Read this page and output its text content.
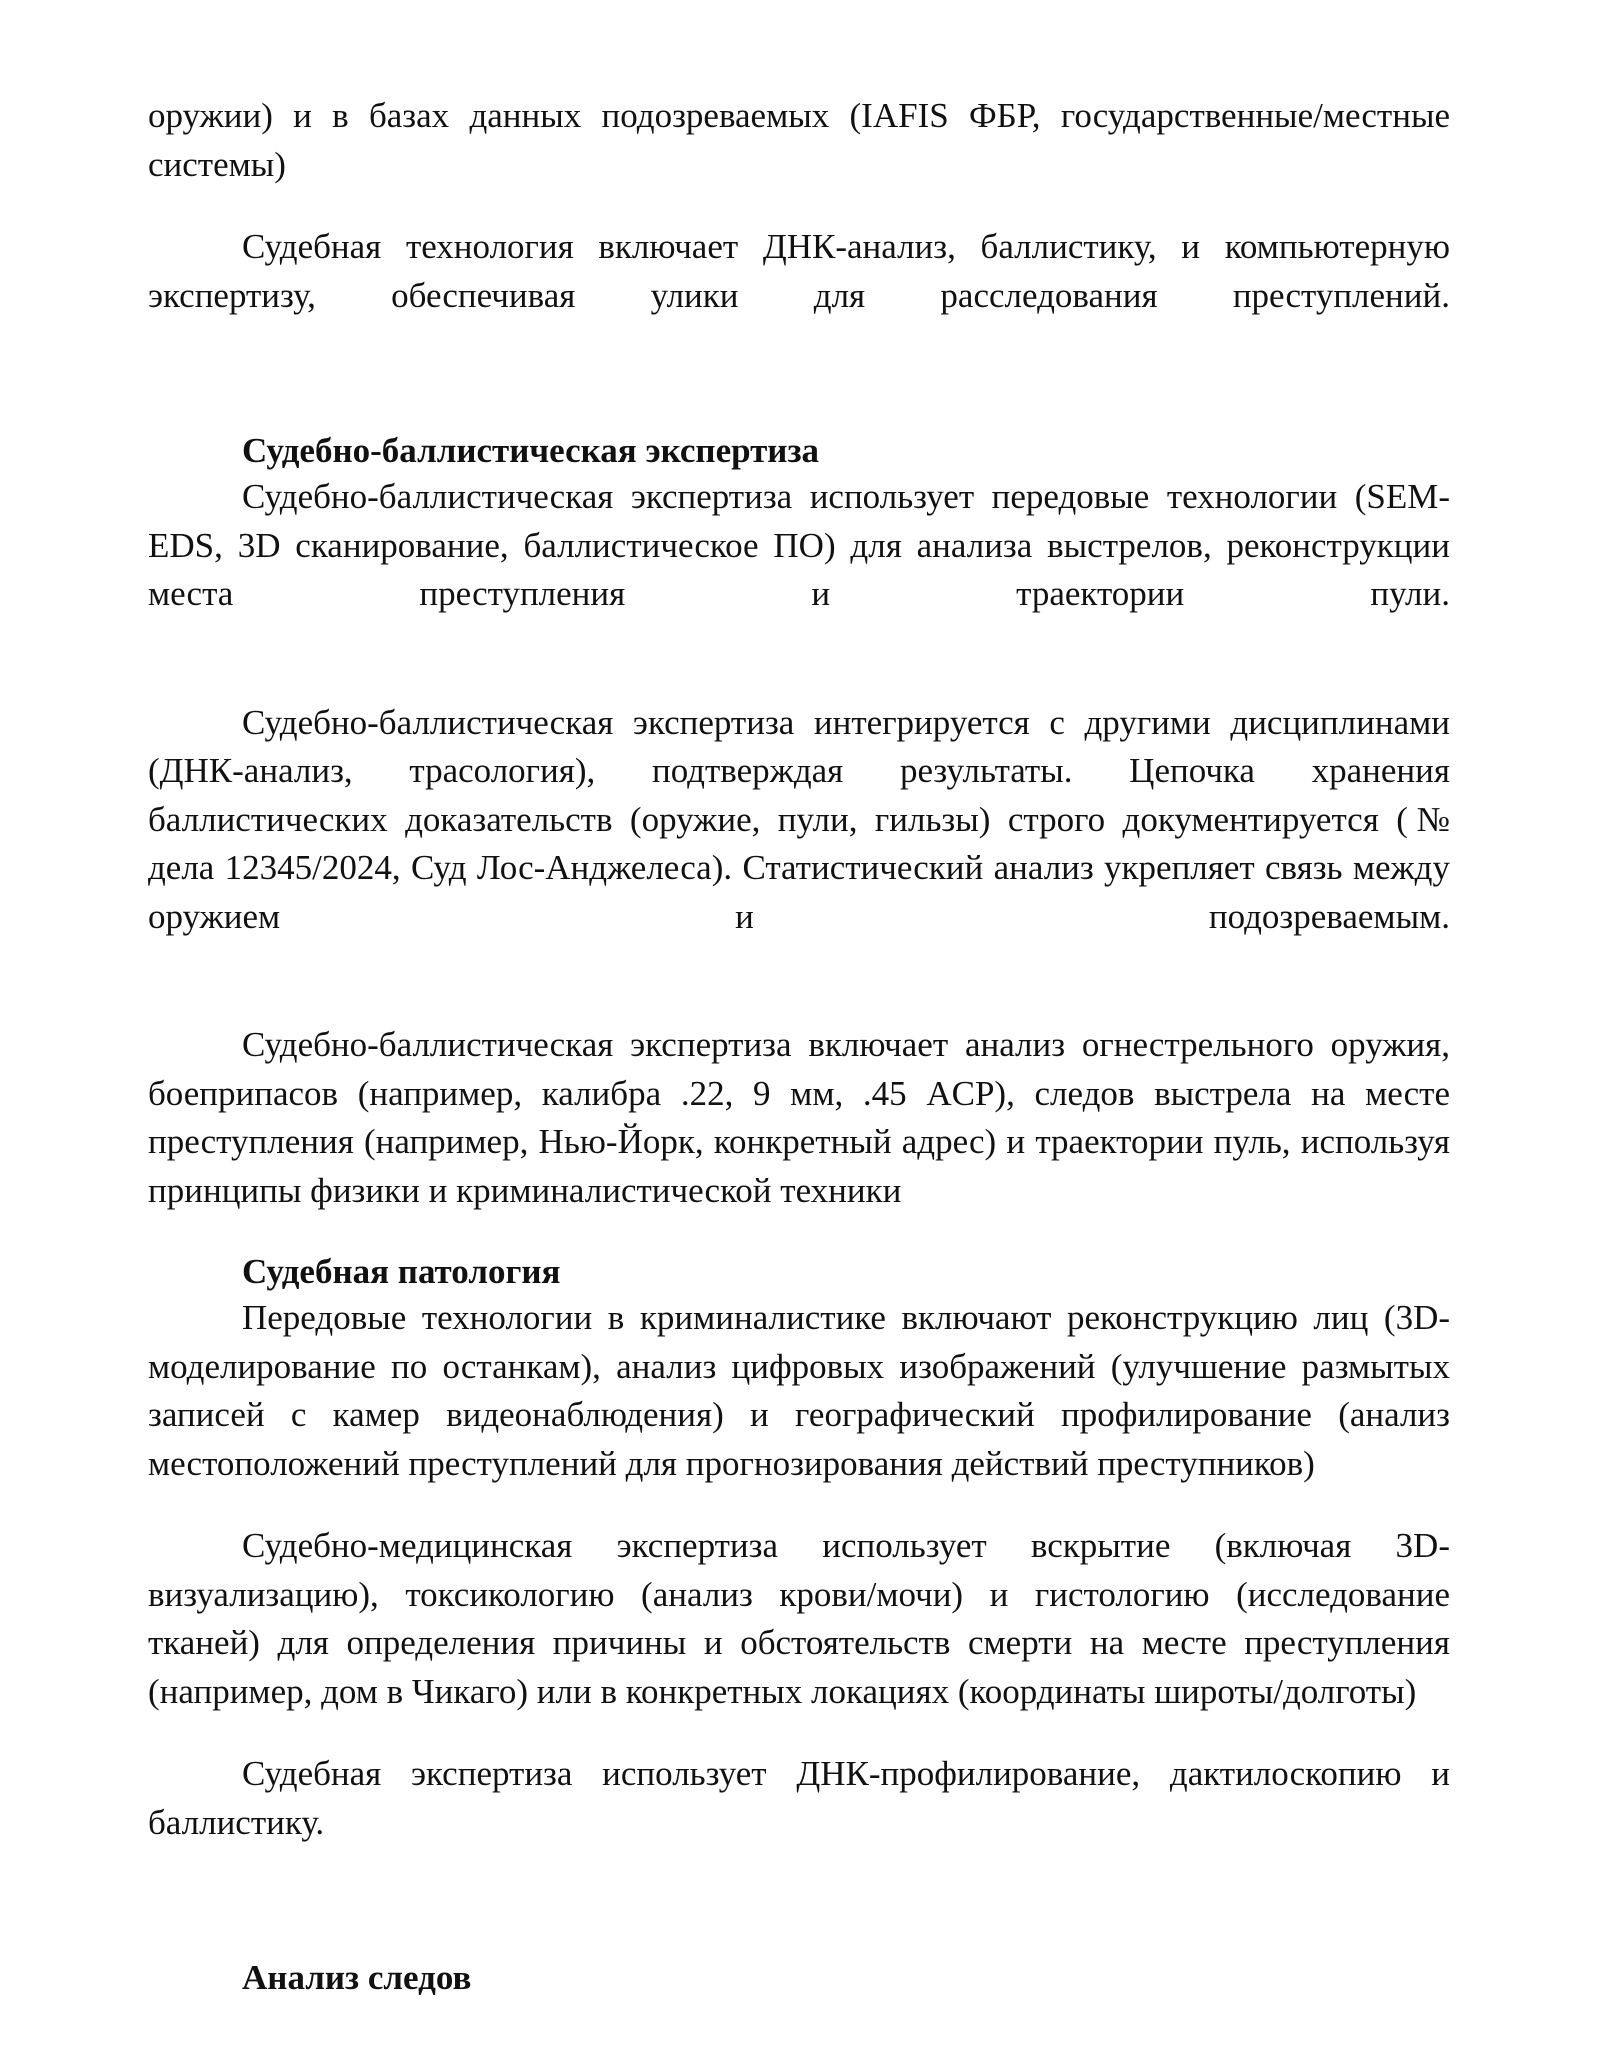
оружии) и в базах данных подозреваемых (IAFIS ФБР, государственные/местные системы)

Судебная технология включает ДНК-анализ, баллистику, и компьютерную экспертизу, обеспечивая улики для расследования преступлений.

Судебно-баллистическая экспертиза

Судебно-баллистическая экспертиза использует передовые технологии (SEM-EDS, 3D сканирование, баллистическое ПО) для анализа выстрелов, реконструкции места преступления и траектории пули.

Судебно-баллистическая экспертиза интегрируется с другими дисциплинами (ДНК-анализ, трасология), подтверждая результаты. Цепочка хранения баллистических доказательств (оружие, пули, гильзы) строго документируется (№ дела 12345/2024, Суд Лос-Анджелеса). Статистический анализ укрепляет связь между оружием и подозреваемым.

Судебно-баллистическая экспертиза включает анализ огнестрельного оружия, боеприпасов (например, калибра .22, 9 мм, .45 ACP), следов выстрела на месте преступления (например, Нью-Йорк, конкретный адрес) и траектории пуль, используя принципы физики и криминалистической техники

Судебная патология

Передовые технологии в криминалистике включают реконструкцию лиц (3D-моделирование по останкам), анализ цифровых изображений (улучшение размытых записей с камер видеонаблюдения) и географический профилирование (анализ местоположений преступлений для прогнозирования действий преступников)

Судебно-медицинская экспертиза использует вскрытие (включая 3D-визуализацию), токсикологию (анализ крови/мочи) и гистологию (исследование тканей) для определения причины и обстоятельств смерти на месте преступления (например, дом в Чикаго) или в конкретных локациях (координаты широты/долготы)

Судебная экспертиза использует ДНК-профилирование, дактилоскопию и баллистику.

Анализ следов
